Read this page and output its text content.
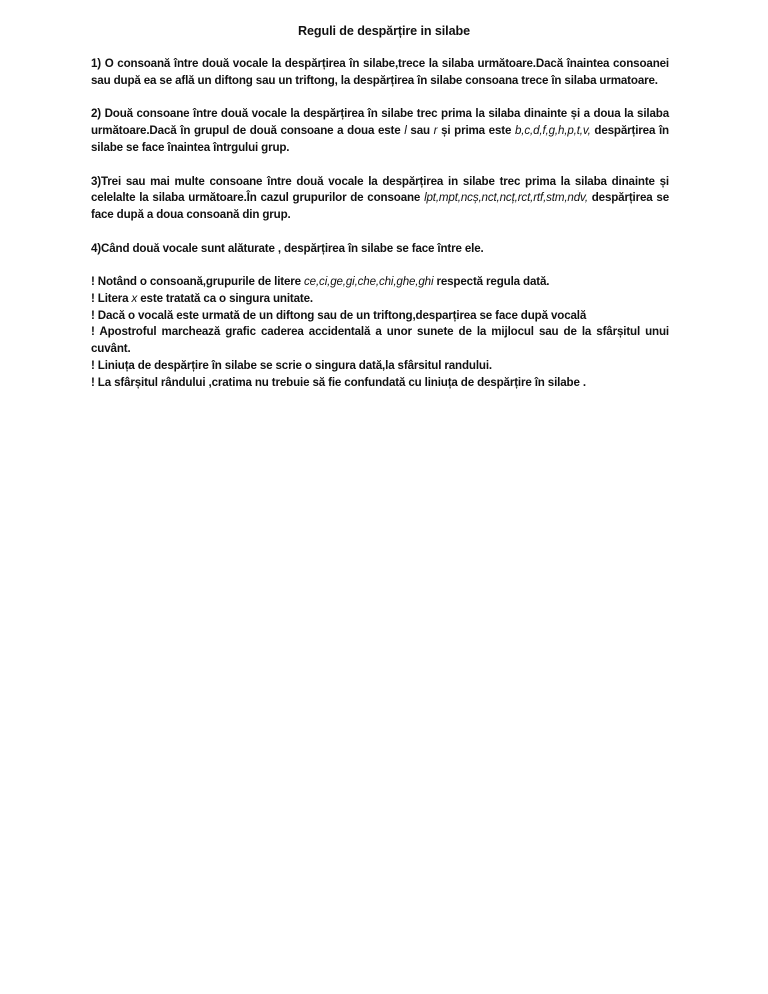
Reguli de despărțire in silabe

1) O consoană între două vocale la despărțirea în silabe,trece la silaba următoare.Dacă înaintea consoanei sau după ea se află un diftong sau un triftong, la despărțirea în silabe consoana trece în silaba urmatoare.

2) Două consoane între două vocale la despărțirea în silabe trec prima la silaba dinainte și a doua la silaba următoare.Dacă în grupul de două consoane a doua este l sau r și prima este b,c,d,f,g,h,p,t,v, despărțirea în silabe se face înaintea întrgului grup.

3)Trei sau mai multe consoane între două vocale la despărțirea in silabe trec prima la silaba dinainte și celelalte la silaba următoare.În cazul grupurilor de consoane lpt,mpt,ncș,nct,ncț,rct,rtf,stm,ndv, despărțirea se face după a doua consoană din grup.

4)Când două vocale sunt alăturate , despărțirea în silabe se face între ele.

! Notând o consoană,grupurile de litere ce,ci,ge,gi,che,chi,ghe,ghi respectă regula dată.

! Litera x este tratată ca o singura unitate.

! Dacă o vocală este urmată de un diftong sau de un triftong,desparțirea se face după vocală

! Apostroful marchează grafic caderea accidentală a unor sunete de la mijlocul sau de la sfârșitul unui cuvânt.

! Liniuța de despărțire în silabe se scrie o singura dată,la sfârsitul randului.

! La sfârșitul rândului ,cratima nu trebuie să fie confundată cu liniuța de despărțire în silabe .
